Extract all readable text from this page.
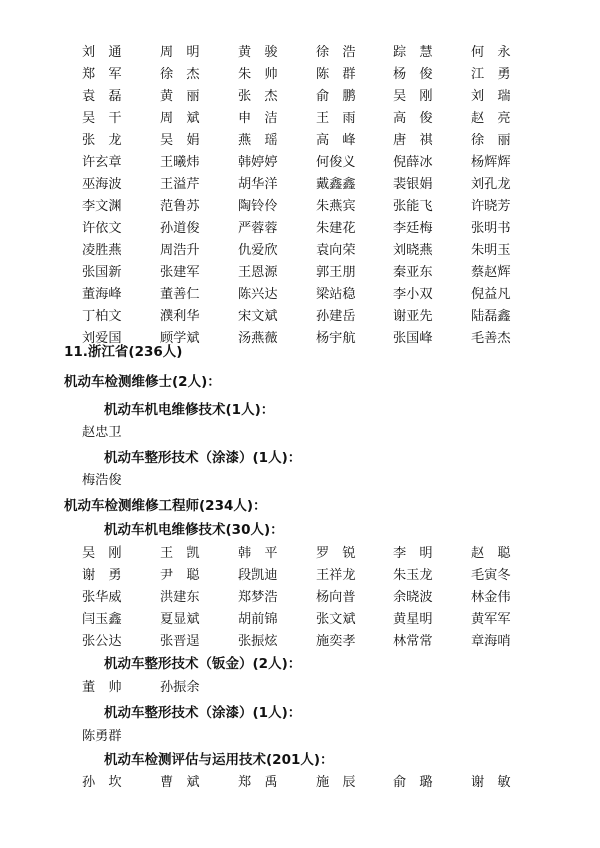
刘　通	周　明	黄　骏	徐　浩	踪　慧	何　永
郑　军	徐　杰	朱　帅	陈　群	杨　俊	江　勇
袁　磊	黄　丽	张　杰	俞　鹏	吴　刚	刘　瑞
吴　干	周　斌	申　洁	王　雨	高　俊	赵　亮
张　龙	吴　娟	燕　瑶	高　峰	唐　祺	徐　丽
许玄章	王曦炜	韩婷婷	何俊义	倪薛冰	杨辉辉
巫海波	王溢芹	胡华洋	戴鑫鑫	裴银娟	刘孔龙
李文渊	范鲁苏	陶铃伶	朱燕宾	张能飞	许晓芳
许依文	孙道俊	严蓉蓉	朱建花	李廷梅	张明书
凌胜燕	周浩升	仇爱欣	袁向荣	刘晓燕	朱明玉
张国新	张建军	王恩源	郭王朋	秦亚东	蔡赵辉
董海峰	董善仁	陈兴达	梁站稳	李小双	倪益凡
丁柏文	濮利华	宋文斌	孙建岳	谢亚先	陆磊鑫
刘爱国	顾学斌	汤燕薇	杨宇航	张国峰	毛善杰
11.浙江省(236人)
机动车检测维修士(2人)：
机动车机电维修技术(1人)：
赵忠卫
机动车整形技术（涂漆）(1人)：
梅浩俊
机动车检测维修工程师(234人)：
机动车机电维修技术(30人)：
吴　刚	王　凯	韩　平	罗　锐	李　明	赵　聪
谢　勇	尹　聪	段凯迪	王祥龙	朱玉龙	毛寅冬
张华威	洪建东	郑梦浩	杨向普	余晓波	林金伟
闫玉鑫	夏显斌	胡前锦	张文斌	黄星明	黄军军
张公达	张晋逞	张振炫	施奕孝	林常常	章海哨
机动车整形技术（钣金）(2人)：
董　帅	孙振余
机动车整形技术（涂漆）(1人)：
陈勇群
机动车检测评估与运用技术(201人)：
孙　坎	曹　斌	郑　禹	施　辰	俞　璐	谢　敏
